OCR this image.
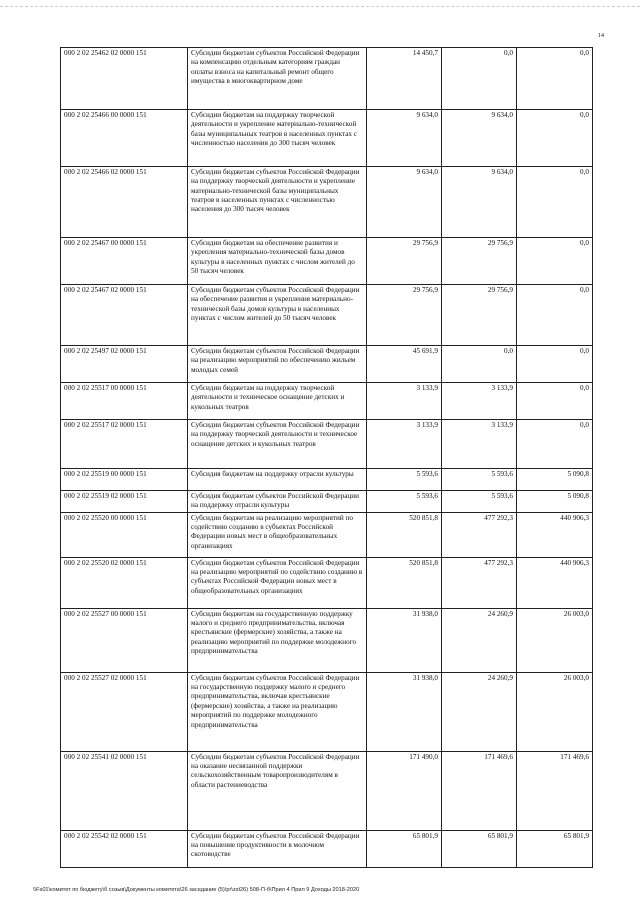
14
000 2 02 25462 02 0000 151	Субсидии бюджетам субъектов Российской Федерации на компенсацию отдельным категориям граждан оплаты взноса на капитальный ремонт общего имущества в многоквартирном доме	14 450,7	0,0	0,0
000 2 02 25466 00 0000 151	Субсидии бюджетам на поддержку творческой деятельности и укрепление материально-технической базы муниципальных театров в населенных пунктах с численностью населения до 300 тысяч человек	9 634,0	9 634,0	0,0
000 2 02 25466 02 0000 151	Субсидии бюджетам субъектов Российской Федерации на поддержку творческой деятельности и укрепление материально-технической базы муниципальных театров в населенных пунктах с численностью населения до 300 тысяч человек	9 634,0	9 634,0	0,0
000 2 02 25467 00 0000 151	Субсидии бюджетам на обеспечение развития и укрепления материально-технической базы домов культуры в населенных пунктах с числом жителей до 50 тысяч человек	29 756,9	29 756,9	0,0
000 2 02 25467 02 0000 151	Субсидии бюджетам субъектов Российской Федерации на обеспечение развития и укрепления материально-технической базы домов культуры в населенных пунктах с числом жителей до 50 тысяч человек	29 756,9	29 756,9	0,0
000 2 02 25497 02 0000 151	Субсидии бюджетам субъектов Российской Федерации на реализацию мероприятий по обеспечению жильем молодых семей	45 691,9	0,0	0,0
000 2 02 25517 00 0000 151	Субсидии бюджетам на поддержку творческой деятельности и техническое оснащение детских и кукольных театров	3 133,9	3 133,9	0,0
000 2 02 25517 02 0000 151	Субсидии бюджетам субъектов Российской Федерации на поддержку творческой деятельности и техническое оснащение детских и кукольных театров	3 133,9	3 133,9	0,0
000 2 02 25519 00 0000 151	Субсидия бюджетам на поддержку отрасли культуры	5 593,6	5 593,6	5 090,8
000 2 02 25519 02 0000 151	Субсидия бюджетам субъектов Российской Федерации на поддержку отрасли культуры	5 593,6	5 593,6	5 090,8
000 2 02 25520 00 0000 151	Субсидии бюджетам на реализацию мероприятий по содействию созданию в субъектах Российской Федерации новых мест в общеобразовательных организациях	520 851,8	477 292,3	440 906,3
000 2 02 25520 02 0000 151	Субсидии бюджетам субъектов Российской Федерации на реализацию мероприятий по содействию созданию в субъектах Российской Федерации новых мест в общеобразовательных организациях	520 851,8	477 292,3	440 906,3
000 2 02 25527 00 0000 151	Субсидии бюджетам на государственную поддержку малого и среднего предпринимательства, включая крестьянские (фермерские) хозяйства, а также на реализацию мероприятий по поддержке молодежного предпринимательства	31 938,0	24 260,9	26 003,0
000 2 02 25527 02 0000 151	Субсидии бюджетам субъектов Российской Федерации на государственную поддержку малого и среднего предпринимательства, включая крестьянские (фермерские) хозяйства, а также на реализацию мероприятий по поддержке молодежного предпринимательства	31 938,0	24 260,9	26 003,0
000 2 02 25541 02 0000 151	Субсидии бюджетам субъектов Российской Федерации на оказание несвязанной поддержки сельскохозяйственным товаропроизводителям в области растениеводства	171 490,0	171 469,6	171 469,6
000 2 02 25542 02 0000 151	Субсидии бюджетам субъектов Российской Федерации на повышение продуктивности в молочном скотоводстве	65 801,9	65 801,9	65 801,9
\\Fs01\комитет по бюджету\б созыв\Документы комитета\26 заседание (5)\pr\zst26) 508-П-б\Прил 4 Прил 9 Доходы 2018-2020
